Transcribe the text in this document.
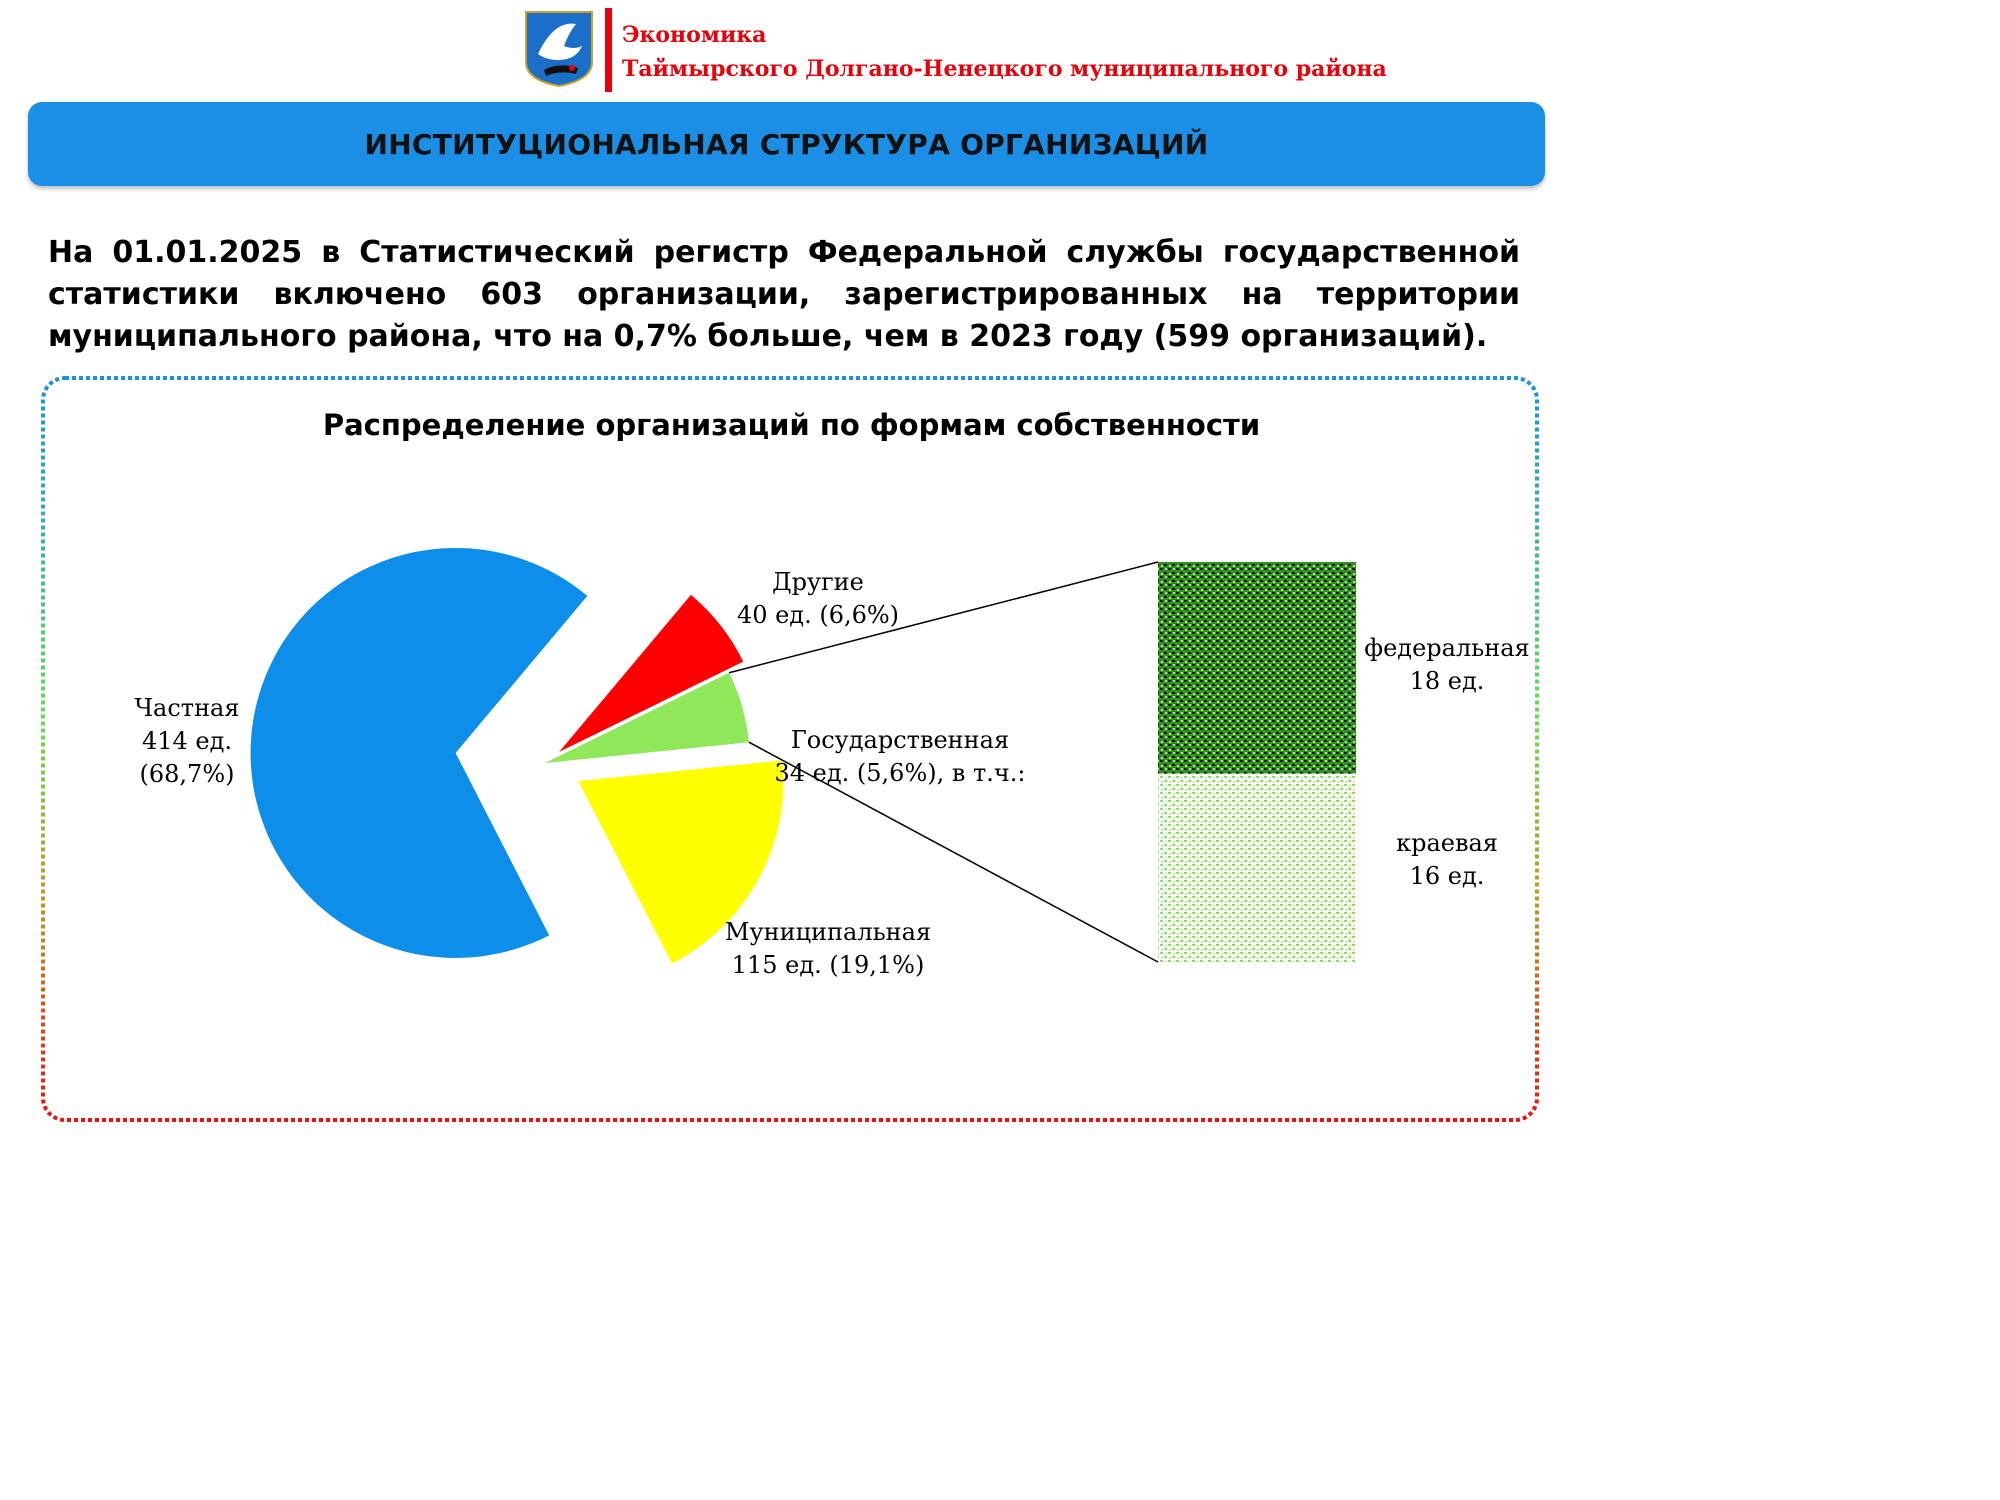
Экономика
Таймырского Долгано-Ненецкого муниципального района
ИНСТИТУЦИОНАЛЬНАЯ СТРУКТУРА ОРГАНИЗАЦИЙ
На 01.01.2025 в Статистический регистр Федеральной службы государственной статистики включено 603 организации, зарегистрированных на территории муниципального района, что на 0,7% больше, чем в 2023 году (599 организаций).
Распределение организаций по формам собственности
Частная
414 ед.
(68,7%)
Другие
40 ед. (6,6%)
Государственная
34 ед. (5,6%), в т.ч.:
Муниципальная
115 ед. (19,1%)
федеральная
18 ед.
краевая
16 ед.
